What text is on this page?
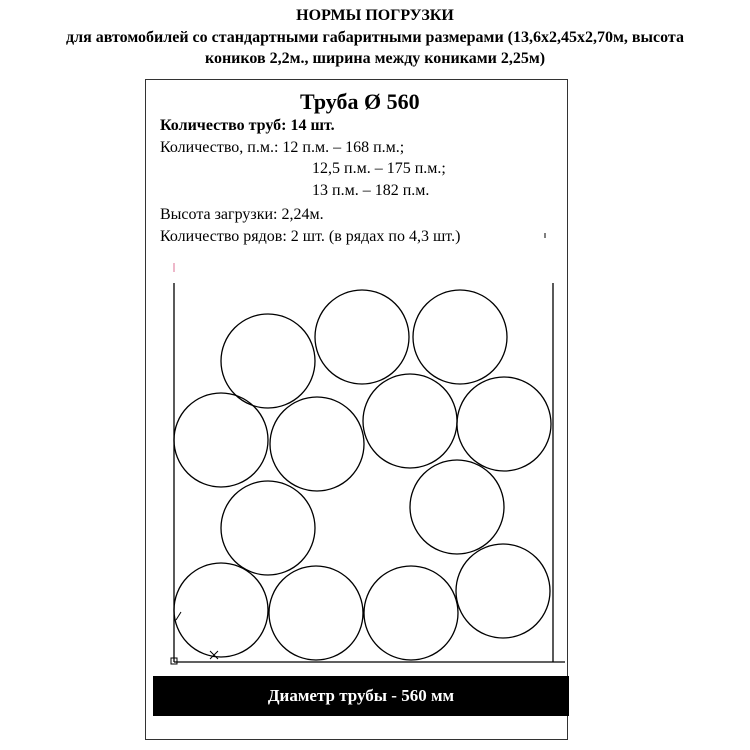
НОРМЫ ПОГРУЗКИ
для автомобилей со стандартными габаритными размерами (13,6х2,45х2,70м, высота
коников 2,2м., ширина между кониками 2,25м)
Труба Ø 560
Количество труб: 14 шт.
Количество, п.м.: 12 п.м. – 168 п.м.;
12,5 п.м. – 175 п.м.;
13 п.м. – 182 п.м.
Высота загрузки: 2,24м.
Количество рядов: 2 шт. (в рядах по 4,3 шт.)
Диаметр трубы - 560 мм
